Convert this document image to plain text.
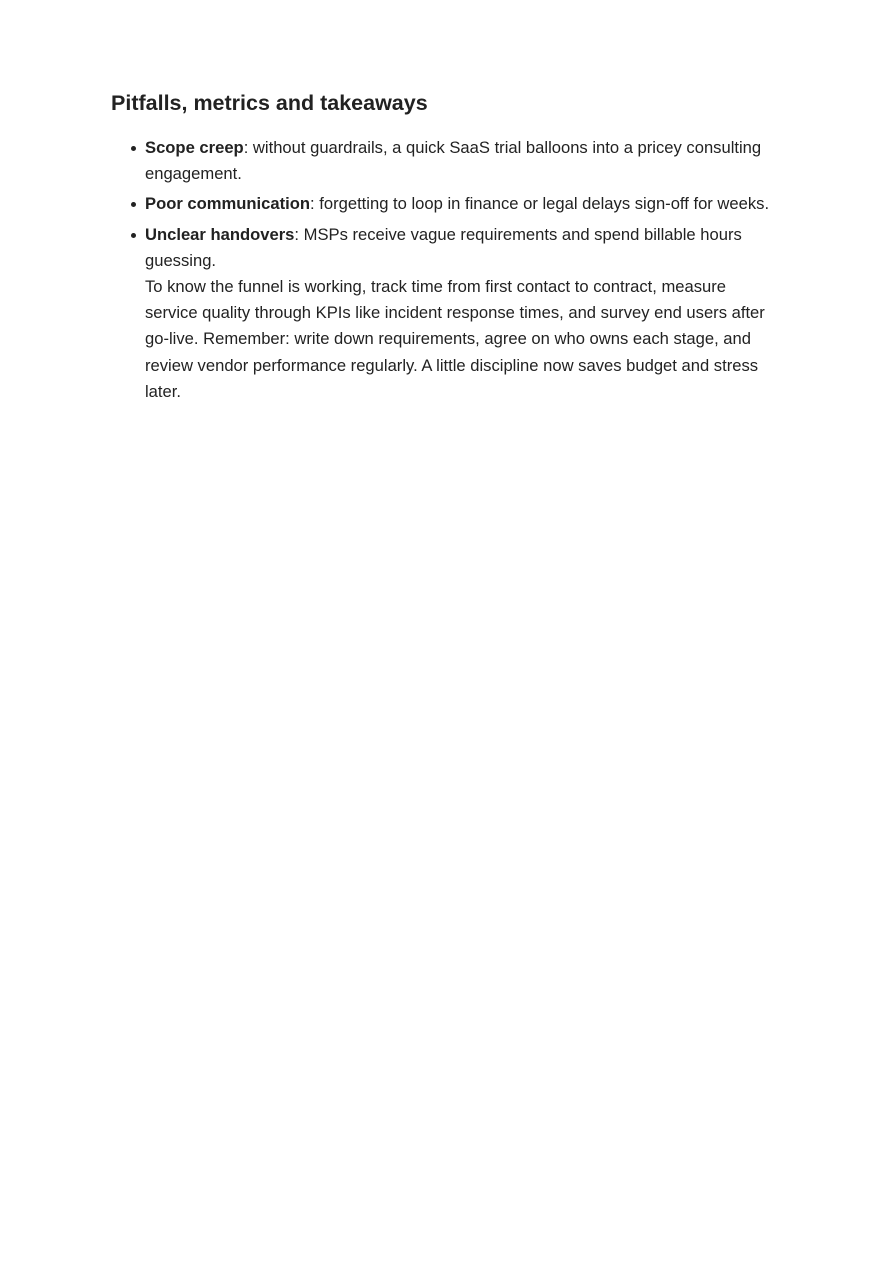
Pitfalls, metrics and takeaways
Scope creep: without guardrails, a quick SaaS trial balloons into a pricey consulting engagement.
Poor communication: forgetting to loop in finance or legal delays sign-off for weeks.
Unclear handovers: MSPs receive vague requirements and spend billable hours guessing.
To know the funnel is working, track time from first contact to contract, measure service quality through KPIs like incident response times, and survey end users after go-live. Remember: write down requirements, agree on who owns each stage, and review vendor performance regularly. A little discipline now saves budget and stress later.
